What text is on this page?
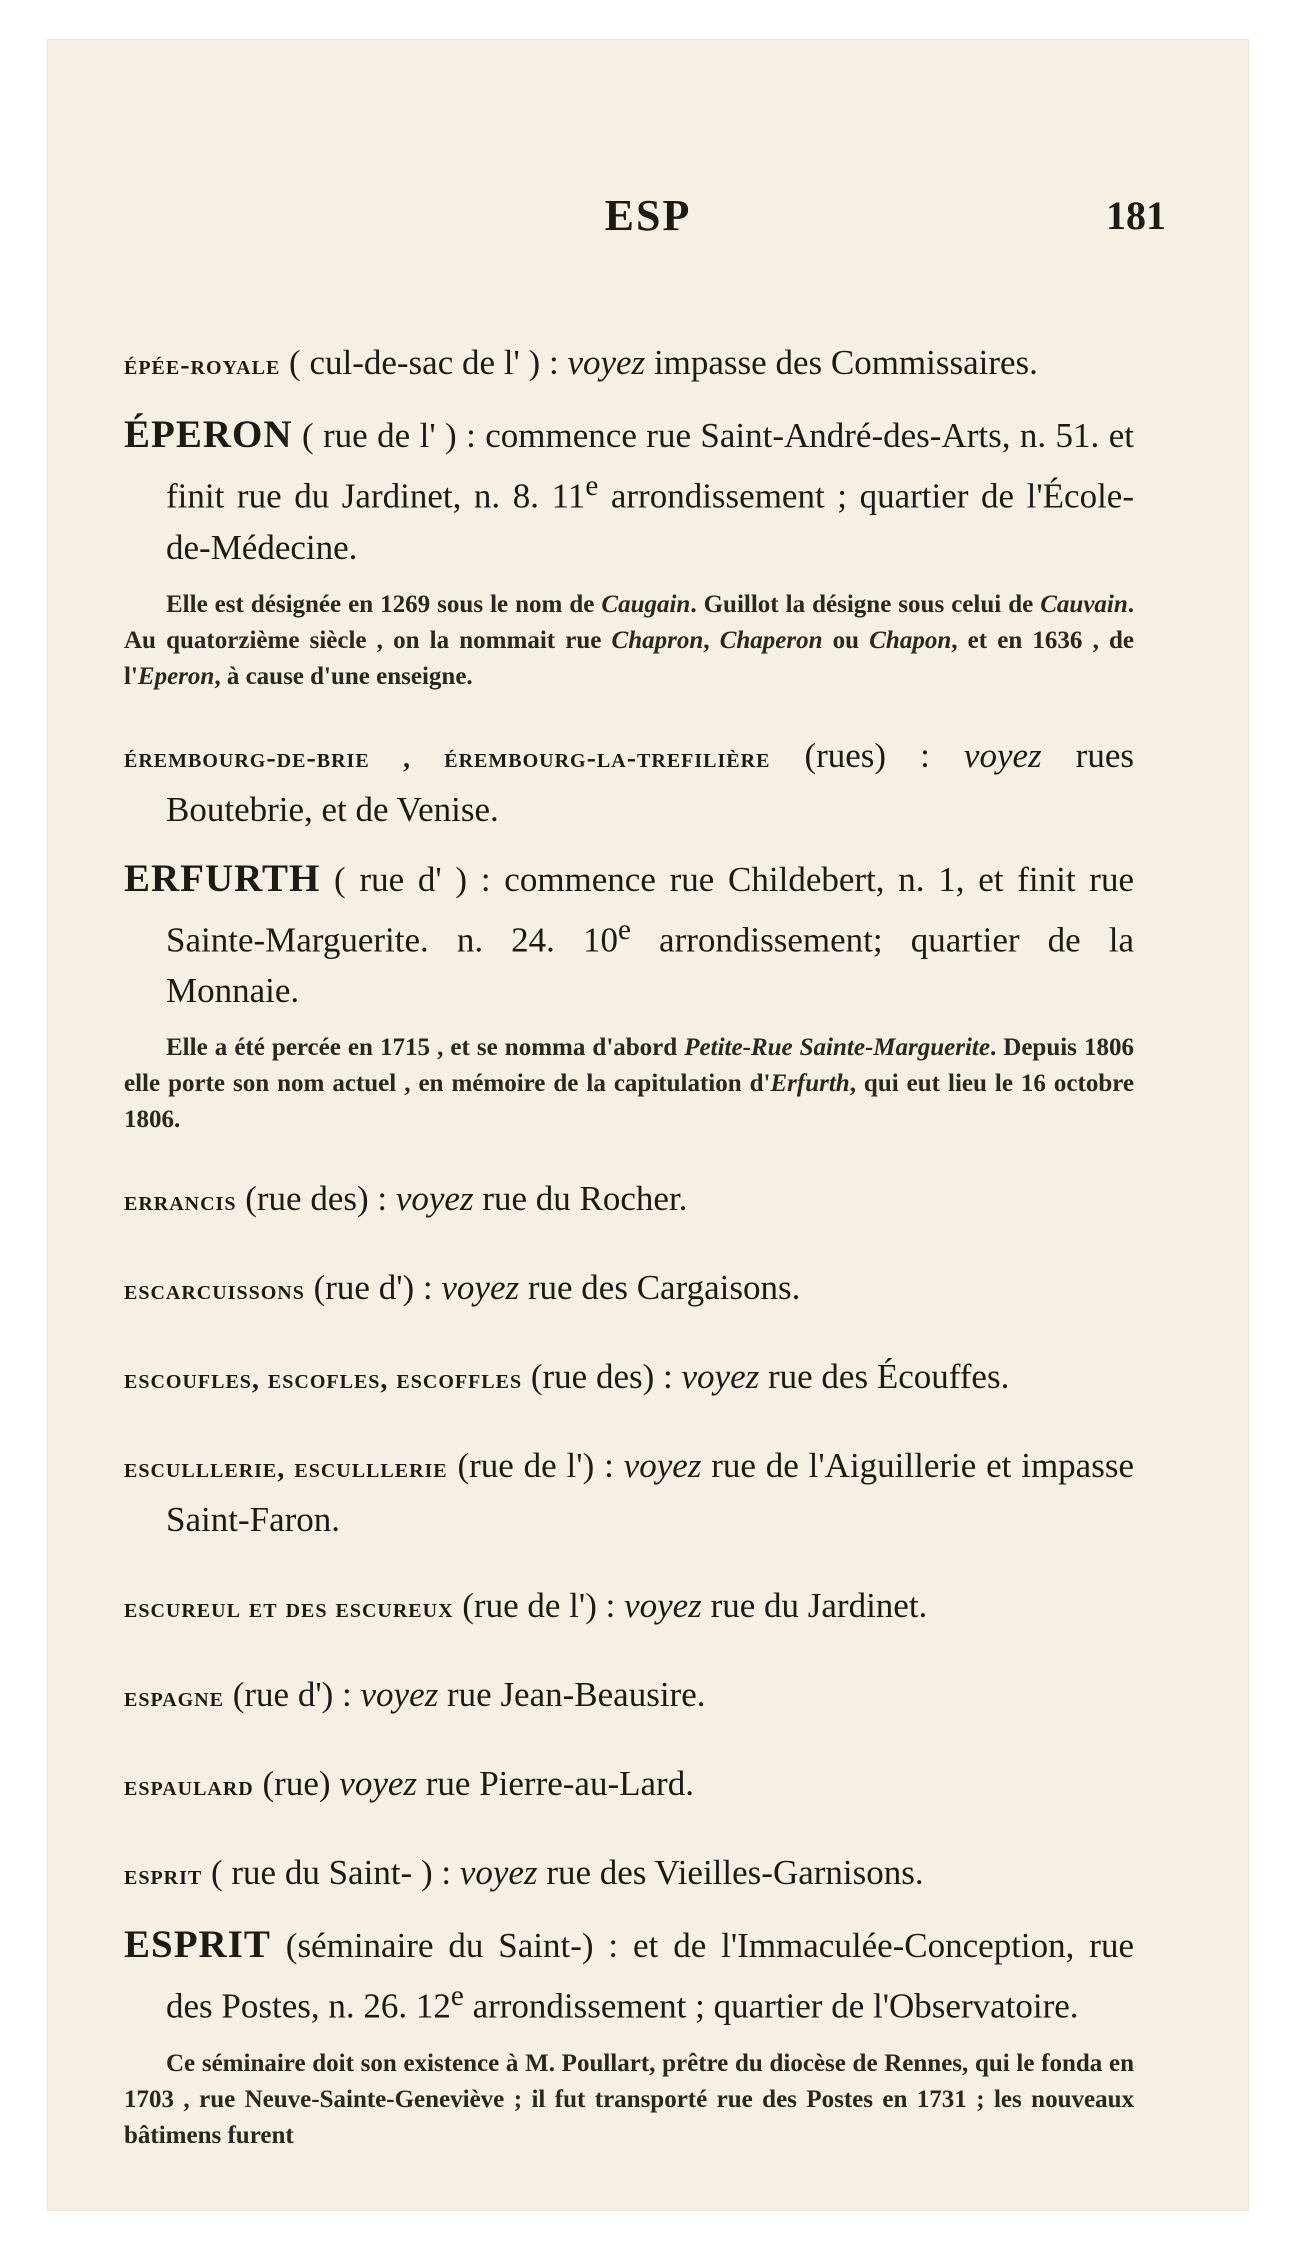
ESP	181

épée-royale ( cul-de-sac de l' ) : voyez impasse des Commissaires.

ÉPERON ( rue de l' ) : commence rue Saint-André-des-Arts, n. 51. et finit rue du Jardinet, n. 8. 11e arrondissement ; quartier de l'École-de-Médecine.

Elle est désignée en 1269 sous le nom de Caugain. Guillot la désigne sous celui de Cauvain. Au quatorzième siècle , on la nommait rue Chapron, Chaperon ou Chapon, et en 1636 , de l'Eperon, à cause d'une enseigne.

érembourg-de-brie , érembourg-la-trefilière (rues) : voyez rues Boutebrie, et de Venise.

ERFURTH ( rue d' ) : commence rue Childebert, n. 1, et finit rue Sainte-Marguerite. n. 24. 10e arrondissement; quartier de la Monnaie.

Elle a été percée en 1715 , et se nomma d'abord Petite-Rue Sainte-Marguerite. Depuis 1806 elle porte son nom actuel , en mémoire de la capitulation d'Erfurth, qui eut lieu le 16 octobre 1806.

errancis (rue des) : voyez rue du Rocher.

escarcuissons (rue d') : voyez rue des Cargaisons.

escoufles, escofles, escoffles (rue des) : voyez rue des Écouffes.

esculllerie, esculllerie (rue de l') : voyez rue de l'Aiguillerie et impasse Saint-Faron.

escureul et des escureux (rue de l') : voyez rue du Jardinet.

espagne (rue d') : voyez rue Jean-Beausire.

espaulard (rue) voyez rue Pierre-au-Lard.

esprit ( rue du Saint- ) : voyez rue des Vieilles-Garnisons.

ESPRIT (séminaire du Saint-) : et de l'Immaculée-Conception, rue des Postes, n. 26. 12e arrondissement ; quartier de l'Observatoire.

Ce séminaire doit son existence à M. Poullart, prêtre du diocèse de Rennes, qui le fonda en 1703 , rue Neuve-Sainte-Geneviève ; il fut transporté rue des Postes en 1731 ; les nouveaux bâtimens furent
